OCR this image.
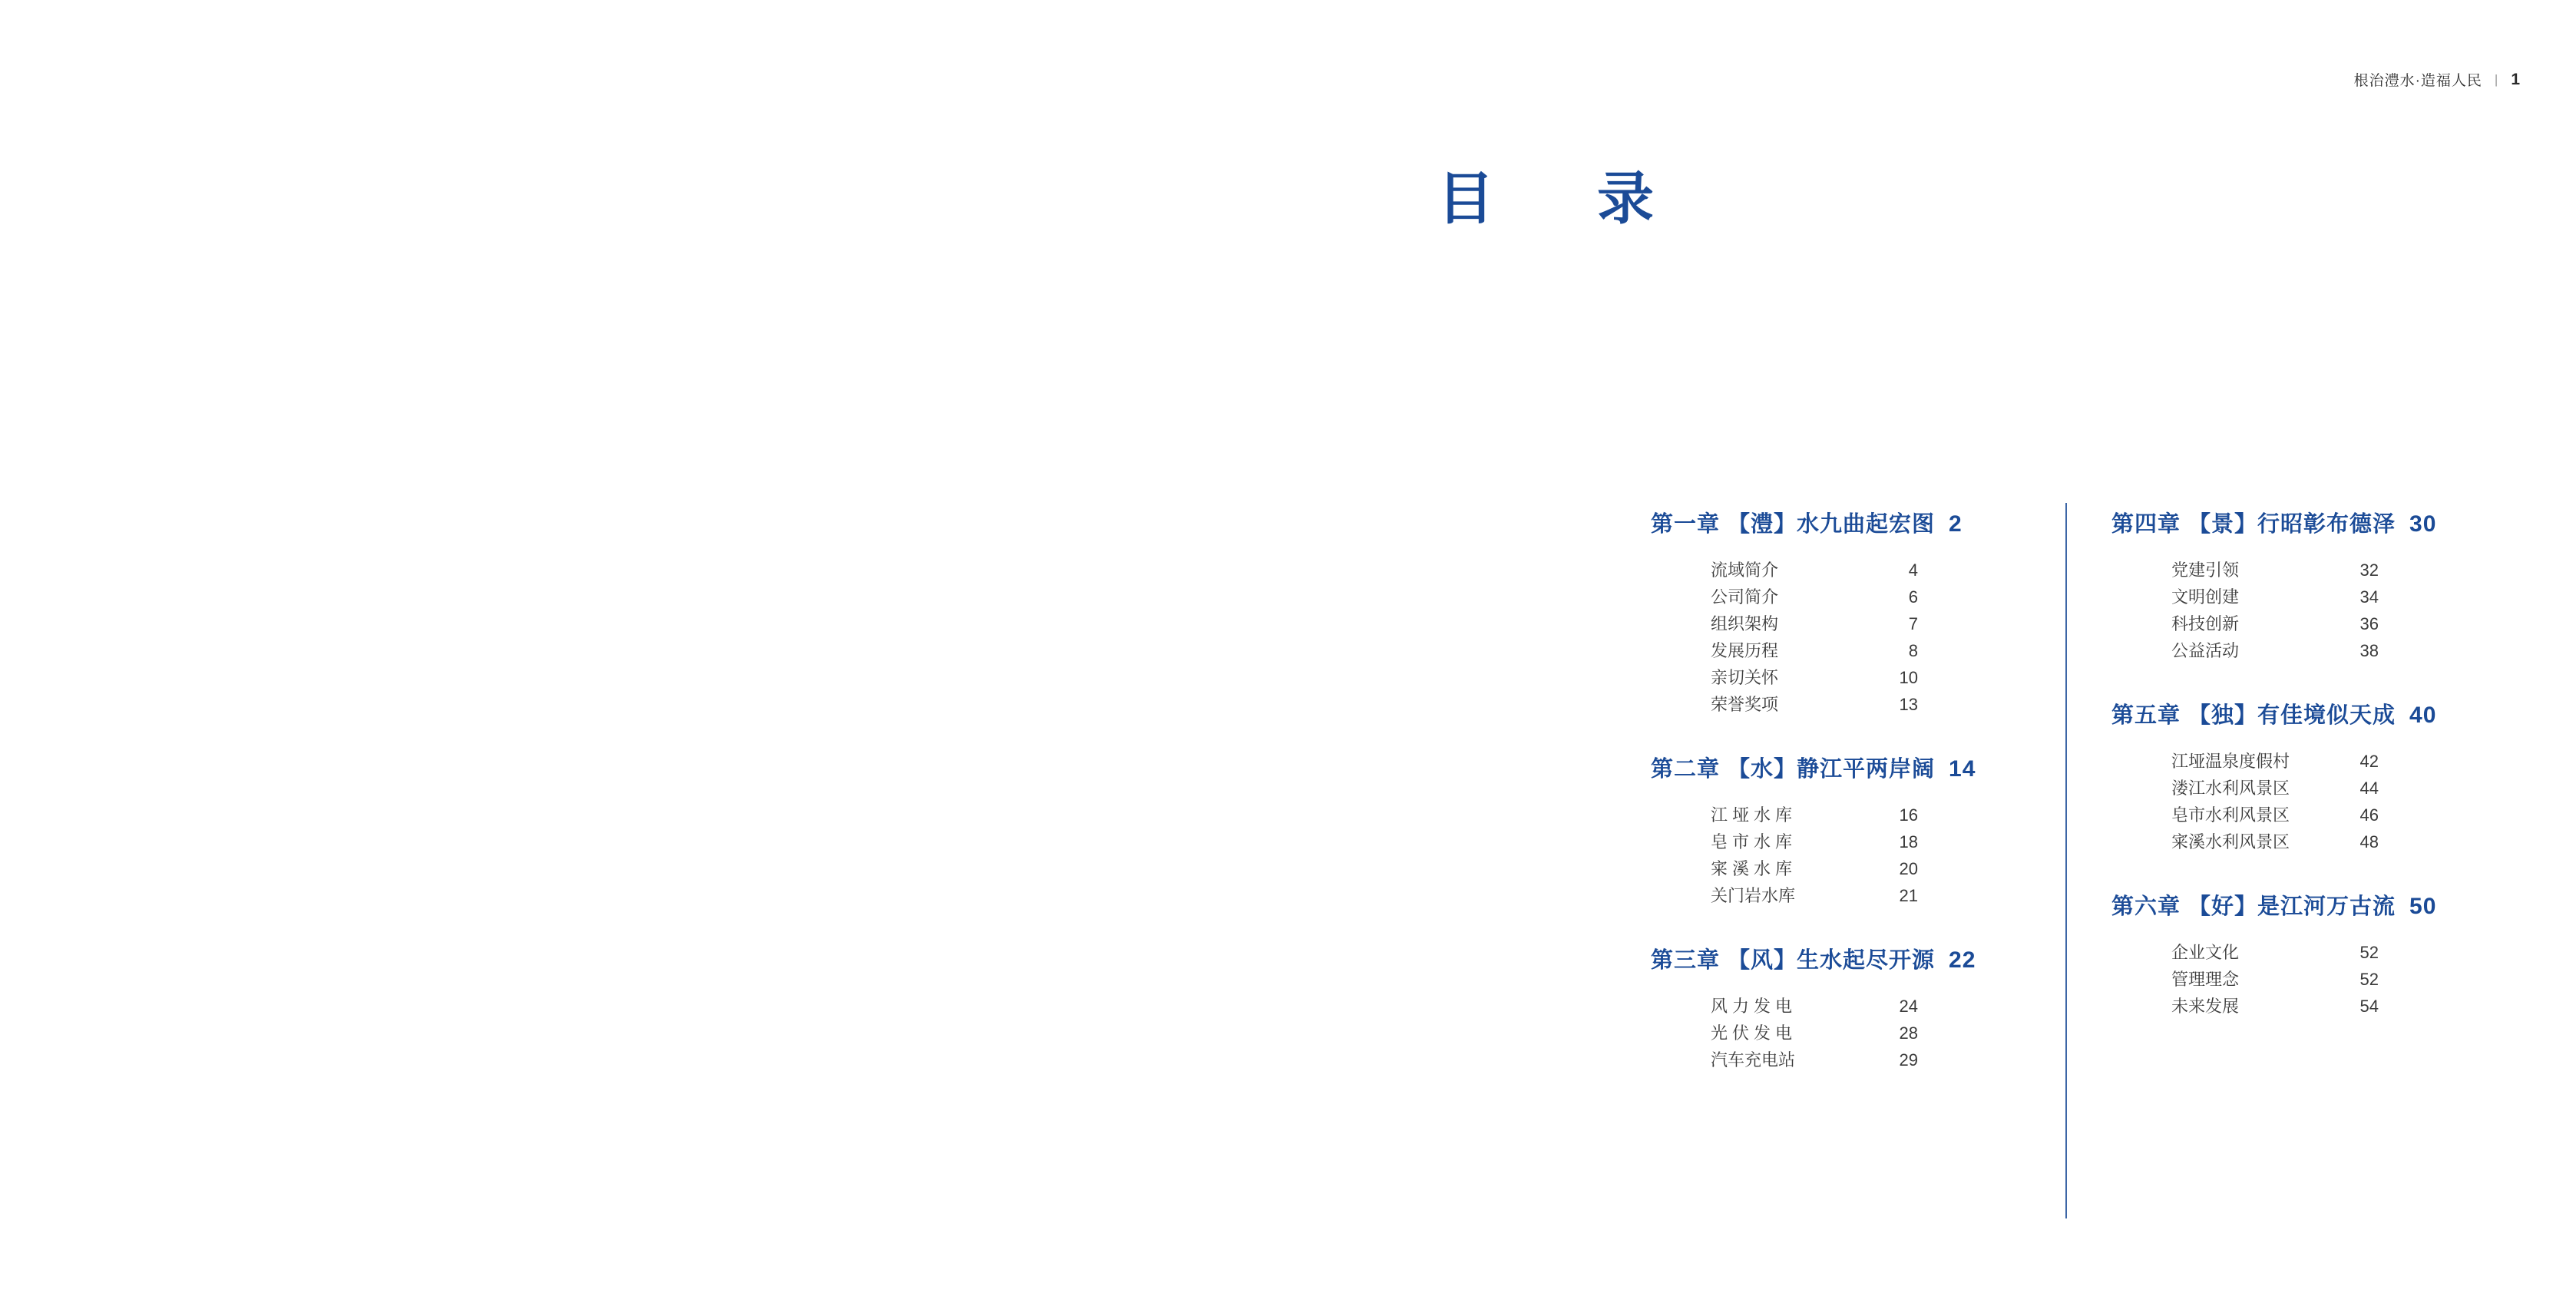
根治澧水·造福人民 | 1
目　录
第一章 【澧】水九曲起宏图 2
流域简介	4
公司简介	6
组织架构	7
发展历程	8
亲切关怀	10
荣誉奖项	13
第二章 【水】静江平两岸阔 14
江垭水库	16
皂市水库	18
宷溪水库	20
关门岩水库	21
第三章 【风】生水起尽开源 22
风力发电	24
光伏发电	28
汽车充电站	29
第四章 【景】行昭彰布德泽 30
党建引领	32
文明创建	34
科技创新	36
公益活动	38
第五章 【独】有佳境似天成 40
江垭温泉度假村	42
溇江水利风景区	44
皂市水利风景区	46
宷溪水利风景区	48
第六章 【好】是江河万古流 50
企业文化	52
管理理念	52
未来发展	54
